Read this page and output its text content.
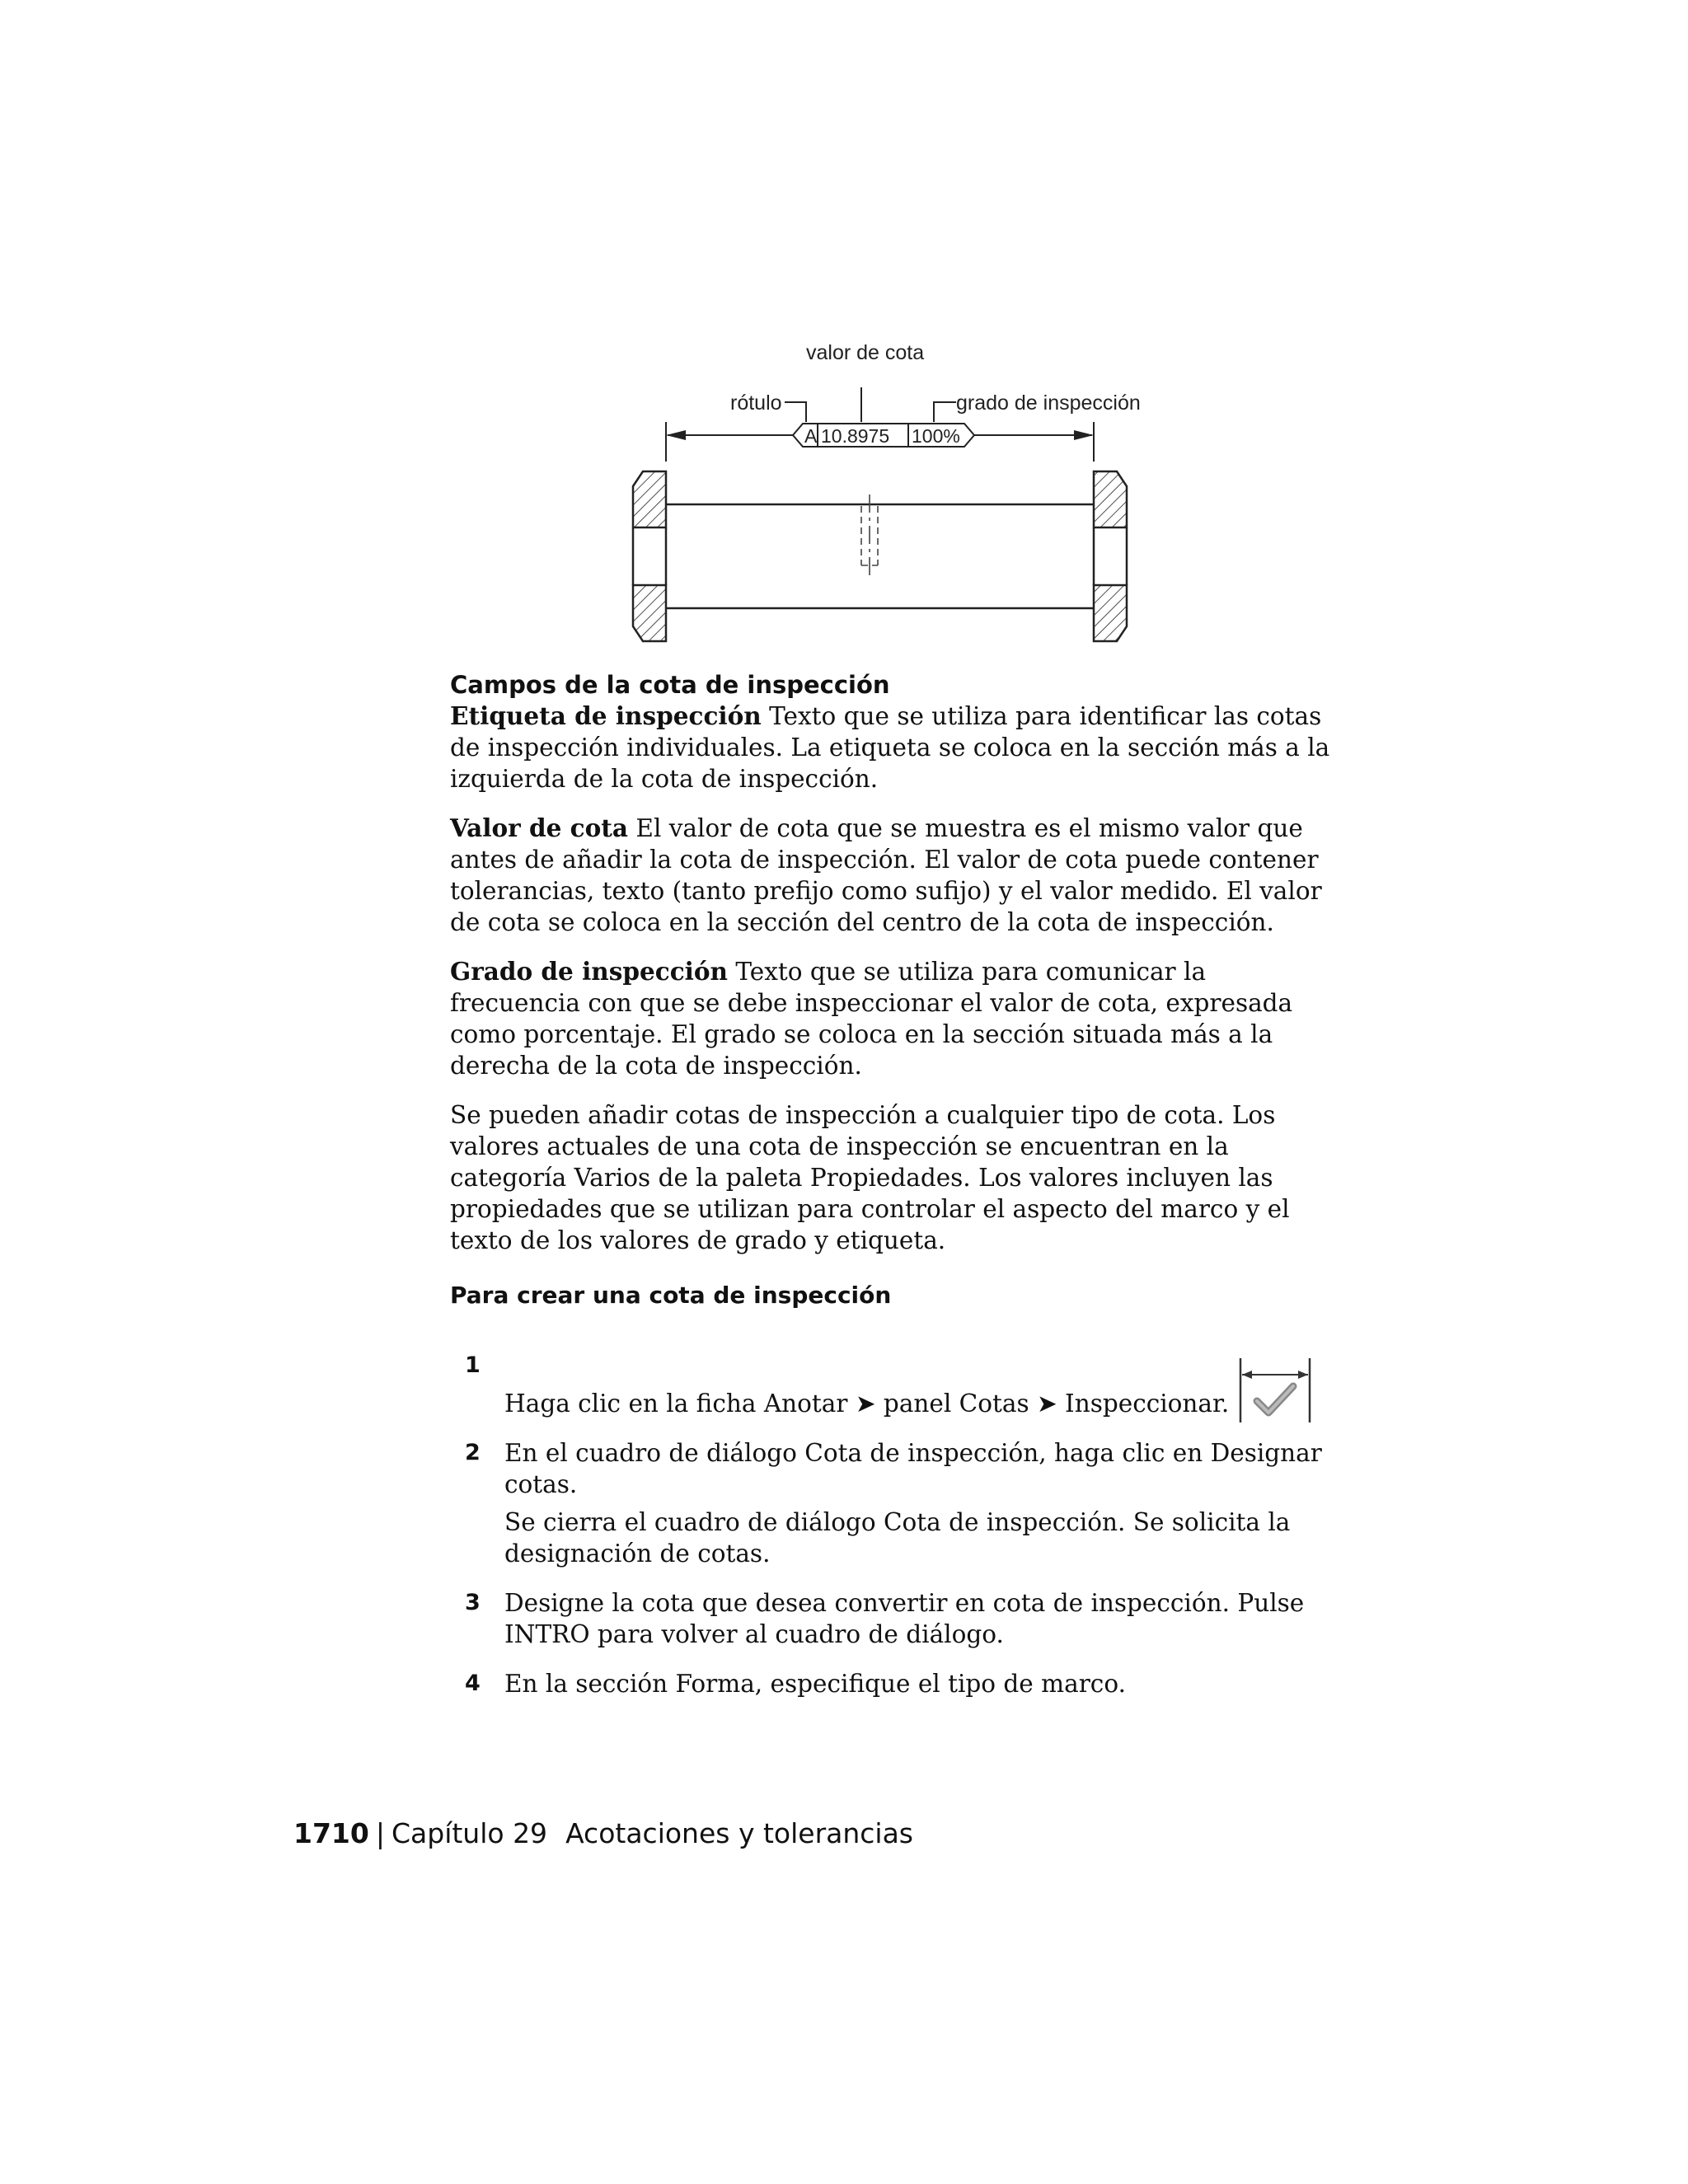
valor de cota
rótulo	grado de inspección
A 10.8975 100%
Campos de la cota de inspección

Etiqueta de inspección Texto que se utiliza para identificar las cotas de inspección individuales. La etiqueta se coloca en la sección más a la izquierda de la cota de inspección.

Valor de cota El valor de cota que se muestra es el mismo valor que antes de añadir la cota de inspección. El valor de cota puede contener tolerancias, texto (tanto prefijo como sufijo) y el valor medido. El valor de cota se coloca en la sección del centro de la cota de inspección.

Grado de inspección Texto que se utiliza para comunicar la frecuencia con que se debe inspeccionar el valor de cota, expresada como porcentaje. El grado se coloca en la sección situada más a la derecha de la cota de inspección.

Se pueden añadir cotas de inspección a cualquier tipo de cota. Los valores actuales de una cota de inspección se encuentran en la categoría Varios de la paleta Propiedades. Los valores incluyen las propiedades que se utilizan para controlar el aspecto del marco y el texto de los valores de grado y etiqueta.

Para crear una cota de inspección
1
Haga clic en la ficha Anotar ➤ panel Cotas ➤ Inspeccionar.
2 En el cuadro de diálogo Cota de inspección, haga clic en Designar cotas.
Se cierra el cuadro de diálogo Cota de inspección. Se solicita la designación de cotas.
3 Designe la cota que desea convertir en cota de inspección. Pulse INTRO para volver al cuadro de diálogo.
4 En la sección Forma, especifique el tipo de marco.
1710 | Capítulo 29 Acotaciones y tolerancias
